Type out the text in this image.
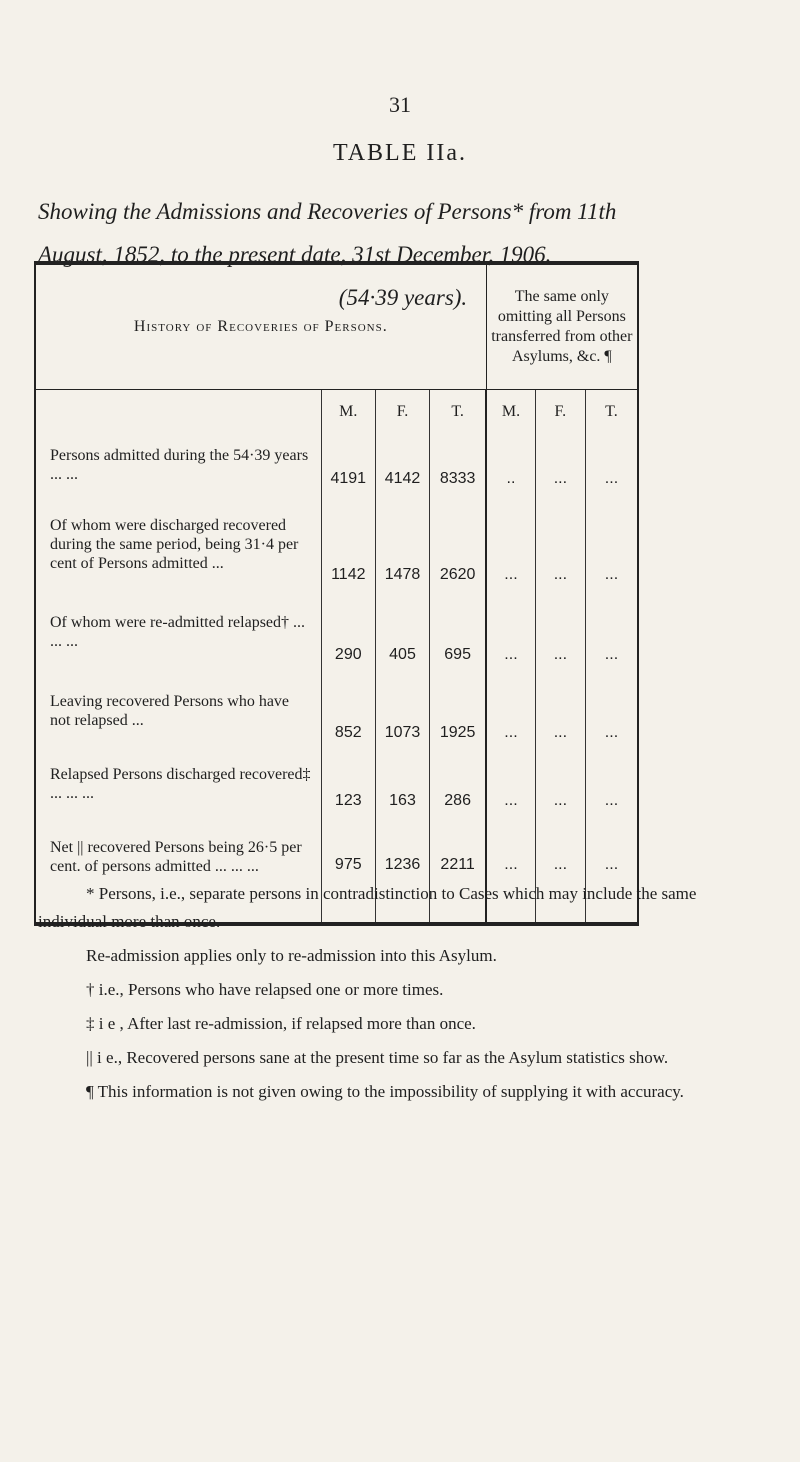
31
TABLE IIa.
Showing the Admissions and Recoveries of Persons* from 11th
August, 1852, to the present date, 31st December, 1906.
(54·39 years).
History of Recoveries of Persons.				The same only omitting all Persons transferred from other Asylums, &c. ¶		
	M.	F.	T.	M.	F.	T.
Persons admitted during the 54·39 years ... ...	4191	4142	8333	..	...	...
Of whom were discharged recovered during the same period, being 31·4 per cent of Persons admitted ...	1142	1478	2620	...	...	...
Of whom were re-admitted relapsed† ... ... ...	290	405	695	...	...	...
Leaving recovered Persons who have not relapsed ...	852	1073	1925	...	...	...
Relapsed Persons discharged recovered‡ ... ... ...	123	163	286	...	...	...
Net || recovered Persons being 26·5 per cent. of persons admitted ... ... ...	975	1236	2211	...	...	...

* Persons, i.e., separate persons in contradistinction to Cases which may include the same individual more than once.

Re-admission applies only to re-admission into this Asylum.

† i.e., Persons who have relapsed one or more times.

‡ i e , After last re-admission, if relapsed more than once.

|| i e., Recovered persons sane at the present time so far as the Asylum statistics show.

¶ This information is not given owing to the impossibility of supplying it with accuracy.
